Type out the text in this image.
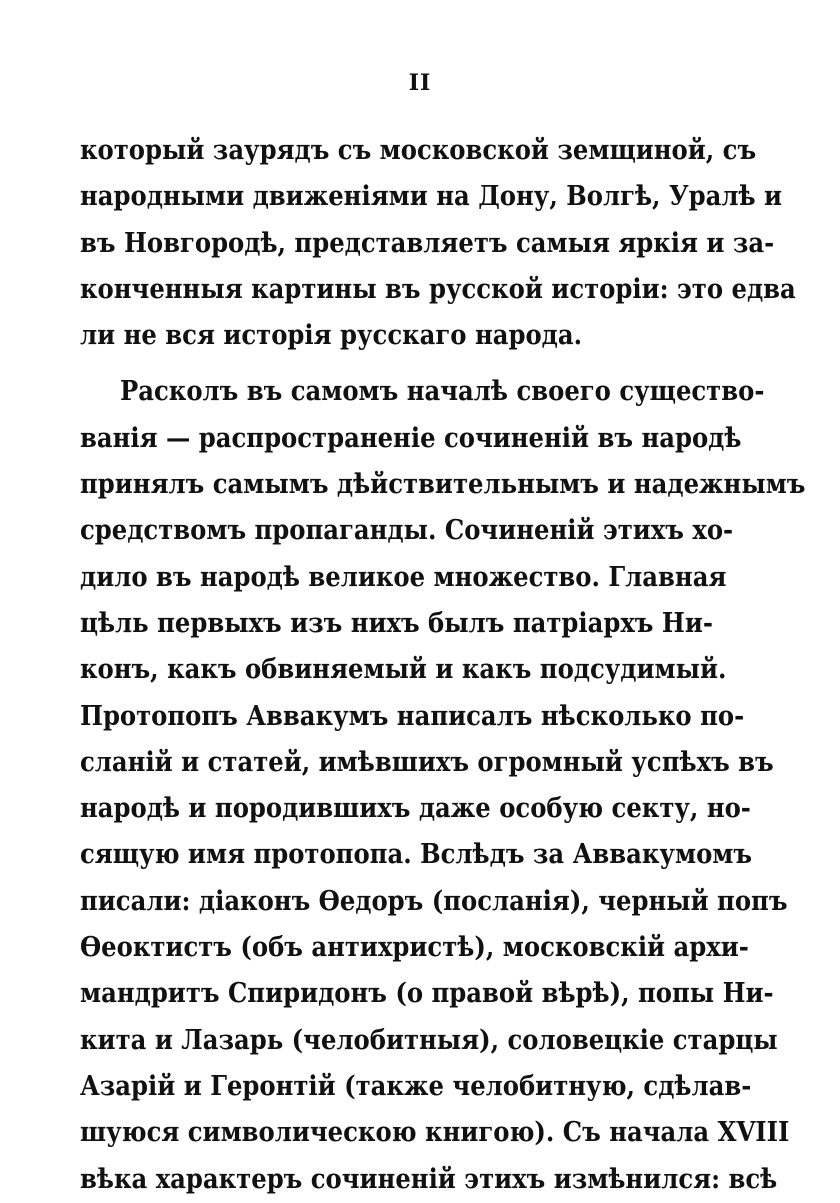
II
который заурядъ съ московской земщиной, съ
народными движеніями на Дону, Волгѣ, Уралѣ и
въ Новгородѣ, представляетъ самыя яркія и за-
конченныя картины въ русской исторіи: это едва
ли не вся исторія русскаго народа.
Расколъ въ самомъ началѣ своего существо-
ванія — распространеніе сочиненій въ народѣ
принялъ самымъ дѣйствительнымъ и надежнымъ
средствомъ пропаганды. Сочиненій этихъ хо-
дило въ народѣ великое множество. Главная
цѣль первыхъ изъ нихъ былъ патріархъ Ни-
конъ, какъ обвиняемый и какъ подсудимый.
Протопопъ Аввакумъ написалъ нѣсколько по-
сланій и статей, имѣвшихъ огромный успѣхъ въ
народѣ и породившихъ даже особую секту, но-
сящую имя протопопа. Вслѣдъ за Аввакумомъ
писали: діаконъ Ѳедоръ (посланія), черный попъ
Ѳеоктистъ (объ антихристѣ), московскій архи-
мандритъ Спиридонъ (о правой вѣрѣ), попы Ни-
кита и Лазарь (челобитныя), соловецкіе старцы
Азарій и Геронтій (также челобитную, сдѣлав-
шуюся символическою книгою). Съ начала XVIII
вѣка характеръ сочиненій этихъ измѣнился: всѣ
